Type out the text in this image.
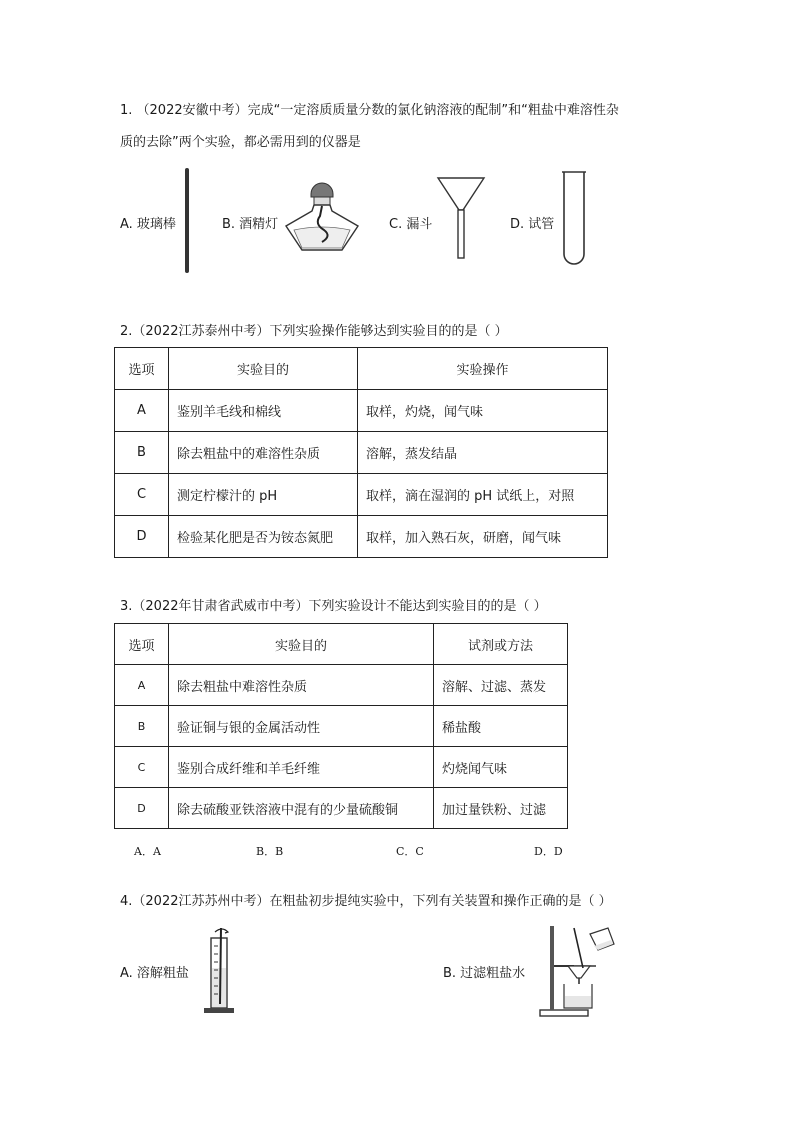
1. （2022安徽中考）完成“一定溶质质量分数的氯化钠溶液的配制”和“粗盐中难溶性杂
质的去除”两个实验，都必需用到的仪器是
A. 玻璃棒	B. 酒精灯	C. 漏斗	D. 试管
2.（2022江苏泰州中考）下列实验操作能够达到实验目的的是（ ）
选项	实验目的	实验操作
A	鉴别羊毛线和棉线	取样，灼烧，闻气味
B	除去粗盐中的难溶性杂质	溶解，蒸发结晶
C	测定柠檬汁的 pH	取样，滴在湿润的 pH 试纸上，对照
D	检验某化肥是否为铵态氮肥	取样，加入熟石灰，研磨，闻气味
3.（2022年甘肃省武威市中考）下列实验设计不能达到实验目的的是（ ）
选项	实验目的	试剂或方法
A	除去粗盐中难溶性杂质	溶解、过滤、蒸发
B	验证铜与银的金属活动性	稀盐酸
C	鉴别合成纤维和羊毛纤维	灼烧闻气味
D	除去硫酸亚铁溶液中混有的少量硫酸铜	加过量铁粉、过滤
A．A	B．B	C．C	D．D
4.（2022江苏苏州中考）在粗盐初步提纯实验中，下列有关装置和操作正确的是（ ）
A. 溶解粗盐	B. 过滤粗盐水
